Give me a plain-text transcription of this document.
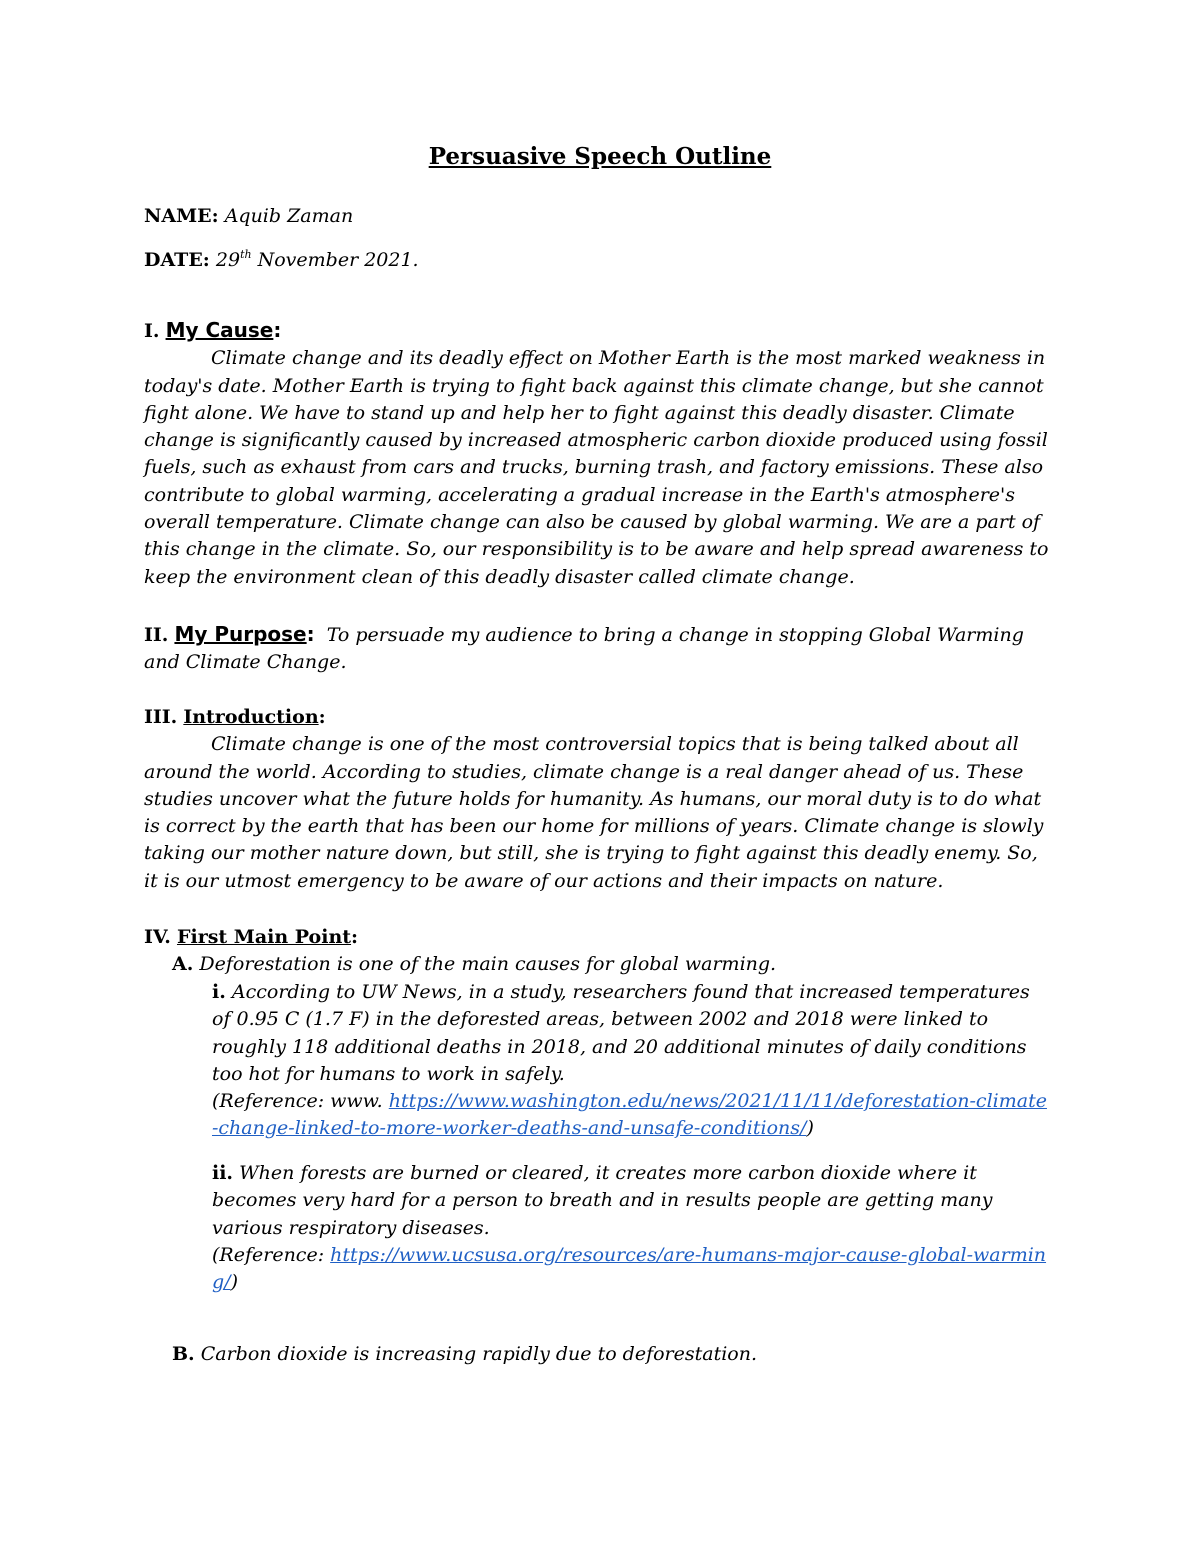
Persuasive Speech Outline
NAME: Aquib Zaman
DATE: 29th November 2021.
I. My Cause:
Climate change and its deadly effect on Mother Earth is the most marked weakness in today's date. Mother Earth is trying to fight back against this climate change, but she cannot fight alone. We have to stand up and help her to fight against this deadly disaster. Climate change is significantly caused by increased atmospheric carbon dioxide produced using fossil fuels, such as exhaust from cars and trucks, burning trash, and factory emissions. These also contribute to global warming, accelerating a gradual increase in the Earth's atmosphere's overall temperature. Climate change can also be caused by global warming. We are a part of this change in the climate. So, our responsibility is to be aware and help spread awareness to keep the environment clean of this deadly disaster called climate change.
II. My Purpose: To persuade my audience to bring a change in stopping Global Warming and Climate Change.
III. Introduction:
Climate change is one of the most controversial topics that is being talked about all around the world. According to studies, climate change is a real danger ahead of us. These studies uncover what the future holds for humanity. As humans, our moral duty is to do what is correct by the earth that has been our home for millions of years. Climate change is slowly taking our mother nature down, but still, she is trying to fight against this deadly enemy. So, it is our utmost emergency to be aware of our actions and their impacts on nature.
IV. First Main Point:
A. Deforestation is one of the main causes for global warming.
i. According to UW News, in a study, researchers found that increased temperatures of 0.95 C (1.7 F) in the deforested areas, between 2002 and 2018 were linked to roughly 118 additional deaths in 2018, and 20 additional minutes of daily conditions too hot for humans to work in safely.
(Reference: www. https://www.washington.edu/news/2021/11/11/deforestation-climate-change-linked-to-more-worker-deaths-and-unsafe-conditions/)
ii. When forests are burned or cleared, it creates more carbon dioxide where it becomes very hard for a person to breath and in results people are getting many various respiratory diseases.
(Reference: https://www.ucsusa.org/resources/are-humans-major-cause-global-warming/)
B. Carbon dioxide is increasing rapidly due to deforestation.
